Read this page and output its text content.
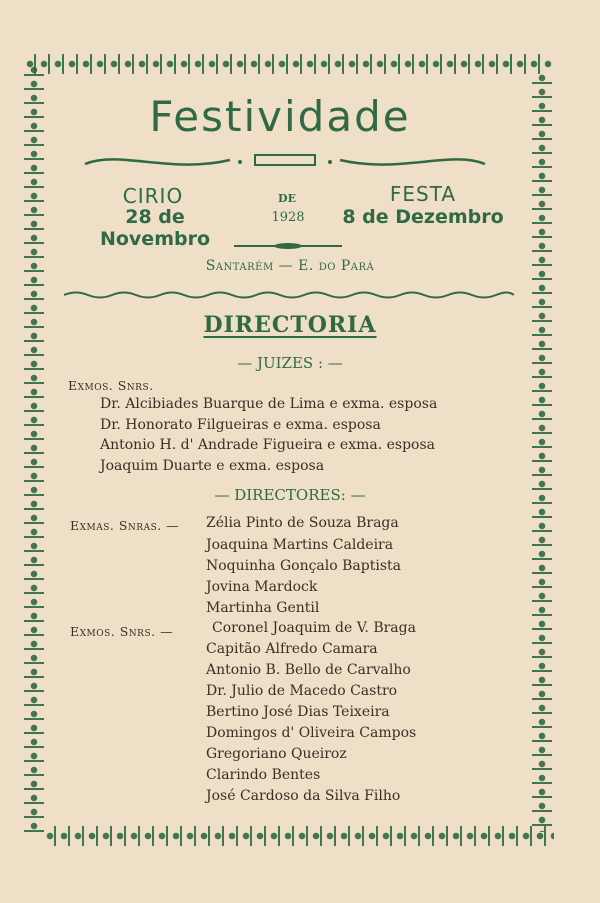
Festividade
CIRIO
28 de Novembro
DE
1928
FESTA
8 de Dezembro
Santarém — E. do Pará
DIRECTORIA
— JUIZES : —
Exmos. Snrs.
Dr. Alcibiades Buarque de Lima e exma. esposa
Dr. Honorato Filgueiras e exma. esposa
Antonio H. d' Andrade Figueira e exma. esposa
Joaquim Duarte e exma. esposa
— DIRECTORES: —
Exmas. Snras. — Zélia Pinto de Souza Braga
Joaquina Martins Caldeira
Noquinha Gonçalo Baptista
Jovina Mardock
Martinha Gentil
Exmos. Snrs. —	Coronel Joaquim de V. Braga
Capitão Alfredo Camara
Antonio B. Bello de Carvalho
Dr. Julio de Macedo Castro
Bertino José Dias Teixeira
Domingos d' Oliveira Campos
Gregoriano Queiroz
Clarindo Bentes
José Cardoso da Silva Filho
